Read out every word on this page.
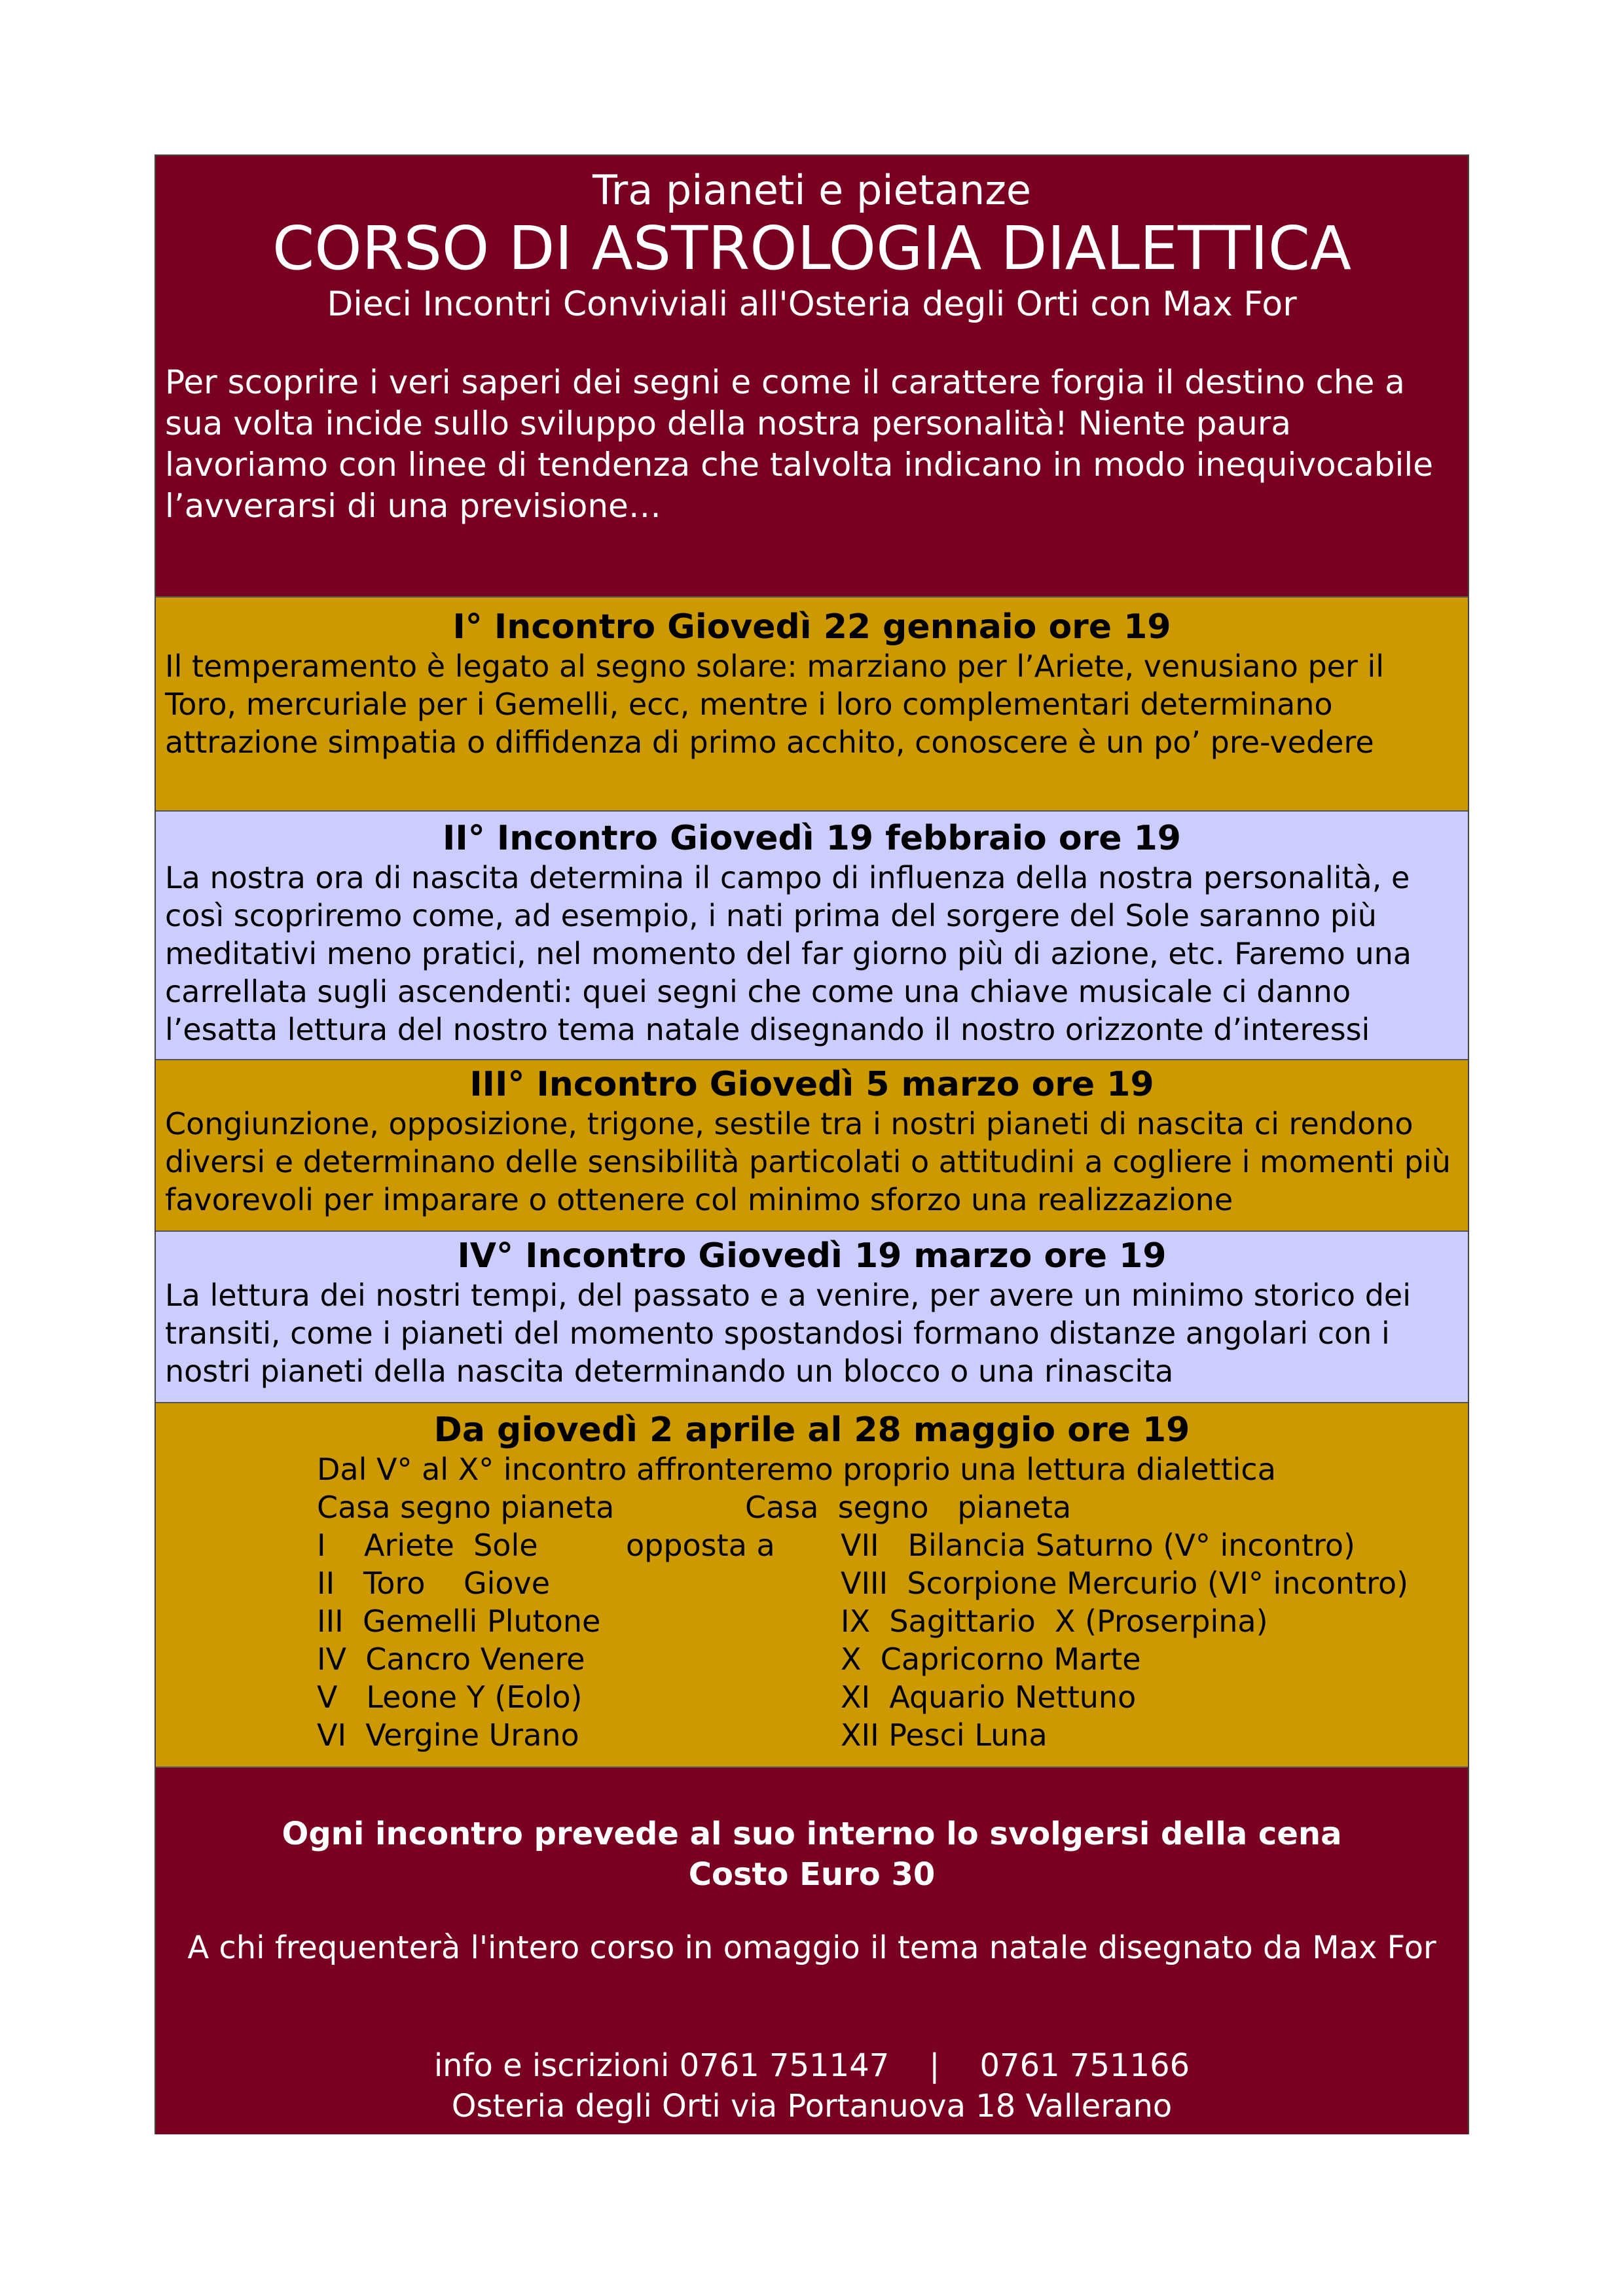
Tra pianeti e pietanze
CORSO DI ASTROLOGIA DIALETTICA
Dieci Incontri Conviviali all'Osteria degli Orti con Max For
Per scoprire i veri saperi dei segni e come il carattere forgia il destino che a sua volta incide sullo sviluppo della nostra personalità! Niente paura lavoriamo con linee di tendenza che talvolta indicano in modo inequivocabile l’avverarsi di una previsione…
I° Incontro Giovedì 22 gennaio ore 19
Il temperamento è legato al segno solare: marziano per l’Ariete, venusiano per il Toro, mercuriale per i Gemelli, ecc, mentre i loro complementari determinano attrazione simpatia o diffidenza di primo acchito, conoscere è un po’ pre-vedere
II° Incontro Giovedì 19 febbraio ore 19
La nostra ora di nascita determina il campo di influenza della nostra personalità, e così scopriremo come, ad esempio, i nati prima del sorgere del Sole saranno più meditativi meno pratici, nel momento del far giorno più di azione, etc. Faremo una carrellata sugli ascendenti: quei segni che come una chiave musicale ci danno l’esatta lettura del nostro tema natale disegnando il nostro orizzonte d’interessi
III° Incontro Giovedì 5 marzo ore 19
Congiunzione, opposizione, trigone, sestile tra i nostri pianeti di nascita ci rendono diversi e determinano delle sensibilità particolati o attitudini a cogliere i momenti più favorevoli per imparare o ottenere col minimo sforzo una realizzazione
IV° Incontro Giovedì 19 marzo ore 19
La lettura dei nostri tempi, del passato e a venire, per avere un minimo storico dei transiti, come i pianeti del momento spostandosi formano distanze angolari con i nostri pianeti della nascita determinando un blocco o una rinascita
Da giovedì 2 aprile al 28 maggio ore 19
Dal V° al X° incontro affronteremo proprio una lettura dialettica
Casa segno pianeta	Casa  segno   pianeta
opposta a
I    Ariete  Sole
II   Toro    Giove
III  Gemelli Plutone
IV  Cancro Venere
V   Leone Y (Eolo)
VI  Vergine Urano
VII   Bilancia Saturno (V° incontro)
VIII  Scorpione Mercurio (VI° incontro)
IX  Sagittario  X (Proserpina)
X  Capricorno Marte
XI  Aquario Nettuno
XII Pesci Luna
Ogni incontro prevede al suo interno lo svolgersi della cena
Costo Euro 30
A chi frequenterà l'intero corso in omaggio il tema natale disegnato da Max For
info e iscrizioni 0761 751147    |    0761 751166
Osteria degli Orti via Portanuova 18 Vallerano
